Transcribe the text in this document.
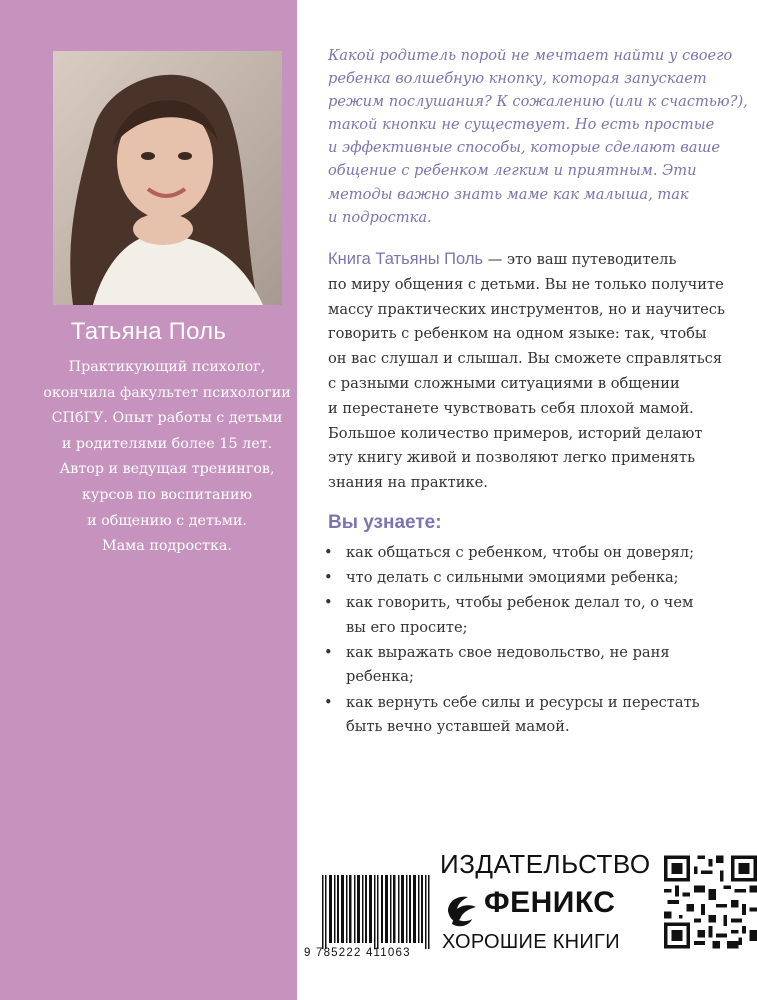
Татьяна Поль
Практикующий психолог,
окончила факультет психологии
СПбГУ. Опыт работы с детьми
и родителями более 15 лет.
Автор и ведущая тренингов,
курсов по воспитанию
и общению с детьми.
Мама подростка.
Какой родитель порой не мечтает найти у своего
ребенка волшебную кнопку, которая запускает
режим послушания? К сожалению (или к счастью?),
такой кнопки не существует. Но есть простые
и эффективные способы, которые сделают ваше
общение с ребенком легким и приятным. Эти
методы важно знать маме как малыша, так
и подростка.
Книга Татьяны Поль — это ваш путеводитель
по миру общения с детьми. Вы не только получите
массу практических инструментов, но и научитесь
говорить с ребенком на одном языке: так, чтобы
он вас слушал и слышал. Вы сможете справляться
с разными сложными ситуациями в общении
и перестанете чувствовать себя плохой мамой.
Большое количество примеров, историй делают
эту книгу живой и позволяют легко применять
знания на практике.
Вы узнаете:
• как общаться с ребенком, чтобы он доверял;
• что делать с сильными эмоциями ребенка;
• как говорить, чтобы ребенок делал то, о чем
вы его просите;
• как выражать свое недовольство, не раня
ребенка;
• как вернуть себе силы и ресурсы и перестать
быть вечно уставшей мамой.
9 785222 411063
ИЗДАТЕЛЬСТВО
ФЕНИКС
ХОРОШИЕ КНИГИ
